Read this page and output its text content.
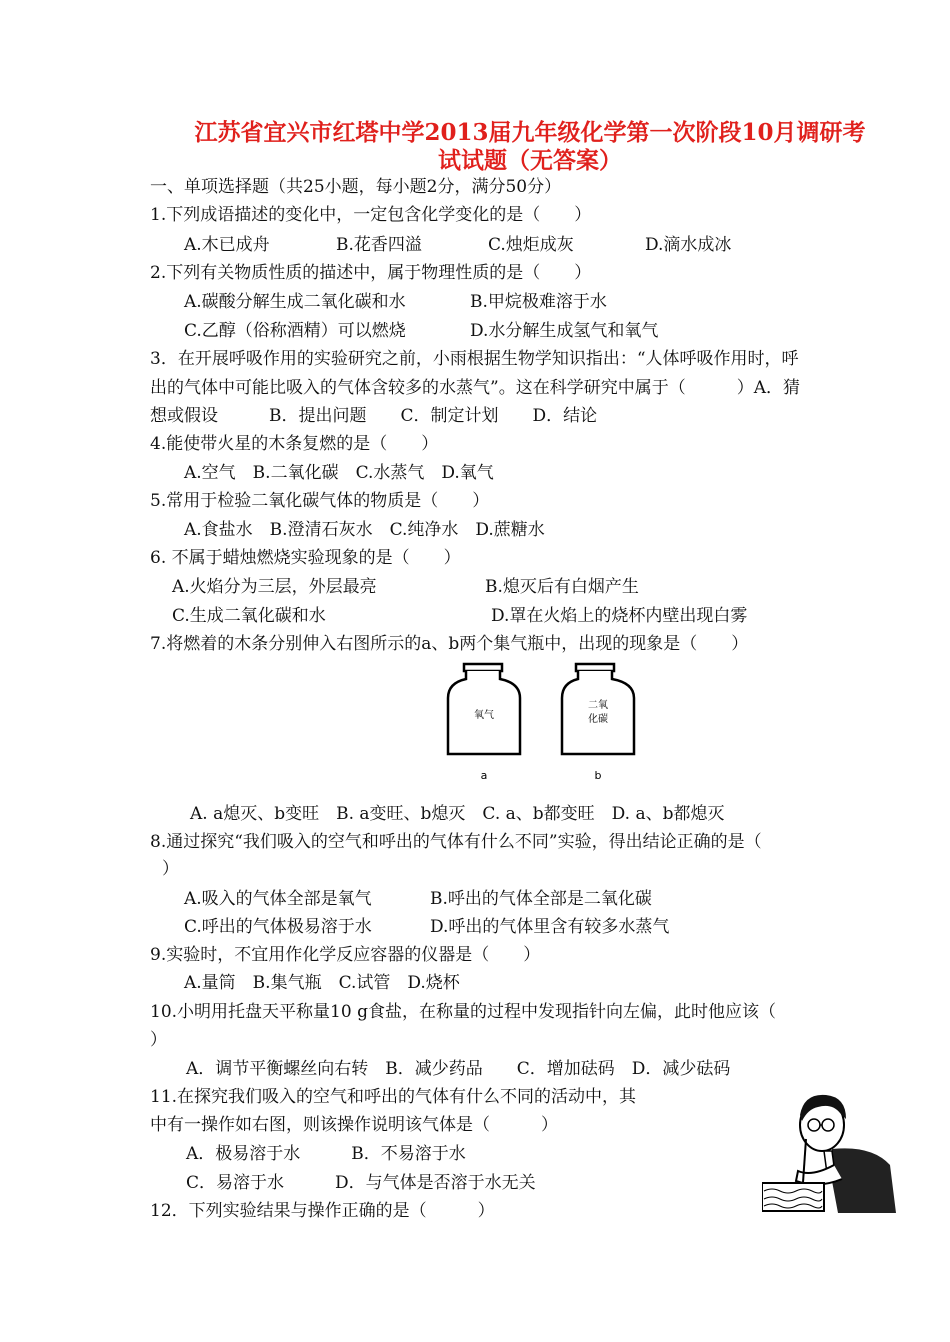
江苏省宜兴市红塔中学2013届九年级化学第一次阶段10月调研考
试试题（无答案）
一、单项选择题（共25小题，每小题2分，满分50分）
1.下列成语描述的变化中，一定包含化学变化的是（　　）
A.木已成舟	B.花香四溢	C.烛炬成灰	D.滴水成冰
2.下列有关物质性质的描述中，属于物理性质的是（　　）
A.碳酸分解生成二氧化碳和水	B.甲烷极难溶于水
C.乙醇（俗称酒精）可以燃烧	D.水分解生成氢气和氧气
3．在开展呼吸作用的实验研究之前，小雨根据生物学知识指出：“人体呼吸作用时，呼
出的气体中可能比吸入的气体含较多的水蒸气”。这在科学研究中属于（　　　）A．猜
想或假设　　　B．提出问题　　C．制定计划　　D．结论
4.能使带火星的木条复燃的是（　　）
A.空气　B.二氧化碳　C.水蒸气　D.氧气
5.常用于检验二氧化碳气体的物质是（　　）
A.食盐水　B.澄清石灰水　C.纯净水　D.蔗糖水
6. 不属于蜡烛燃烧实验现象的是（　　）
A.火焰分为三层，外层最亮	B.熄灭后有白烟产生
C.生成二氧化碳和水	D.罩在火焰上的烧杯内壁出现白雾
7.将燃着的木条分别伸入右图所示的a、b两个集气瓶中，出现的现象是（　　）
氧气
二氧
化碳
a	b
A. a熄灭、b变旺　B. a变旺、b熄灭　C. a、b都变旺　D. a、b都熄灭
8.通过探究“我们吸入的空气和呼出的气体有什么不同”实验，得出结论正确的是（
）
A.吸入的气体全部是氧气	B.呼出的气体全部是二氧化碳
C.呼出的气体极易溶于水	D.呼出的气体里含有较多水蒸气
9.实验时，不宜用作化学反应容器的仪器是（　　）
A.量筒　B.集气瓶　C.试管　D.烧杯
10.小明用托盘天平称量10 g食盐，在称量的过程中发现指针向左偏，此时他应该（
）
A．调节平衡螺丝向右转　B．减少药品　　C．增加砝码　D．减少砝码
11.在探究我们吸入的空气和呼出的气体有什么不同的活动中，其
中有一操作如右图，则该操作说明该气体是（　　　）
A．极易溶于水　　　B．不易溶于水
C．易溶于水　　　D．与气体是否溶于水无关
12．下列实验结果与操作正确的是（　　　）
